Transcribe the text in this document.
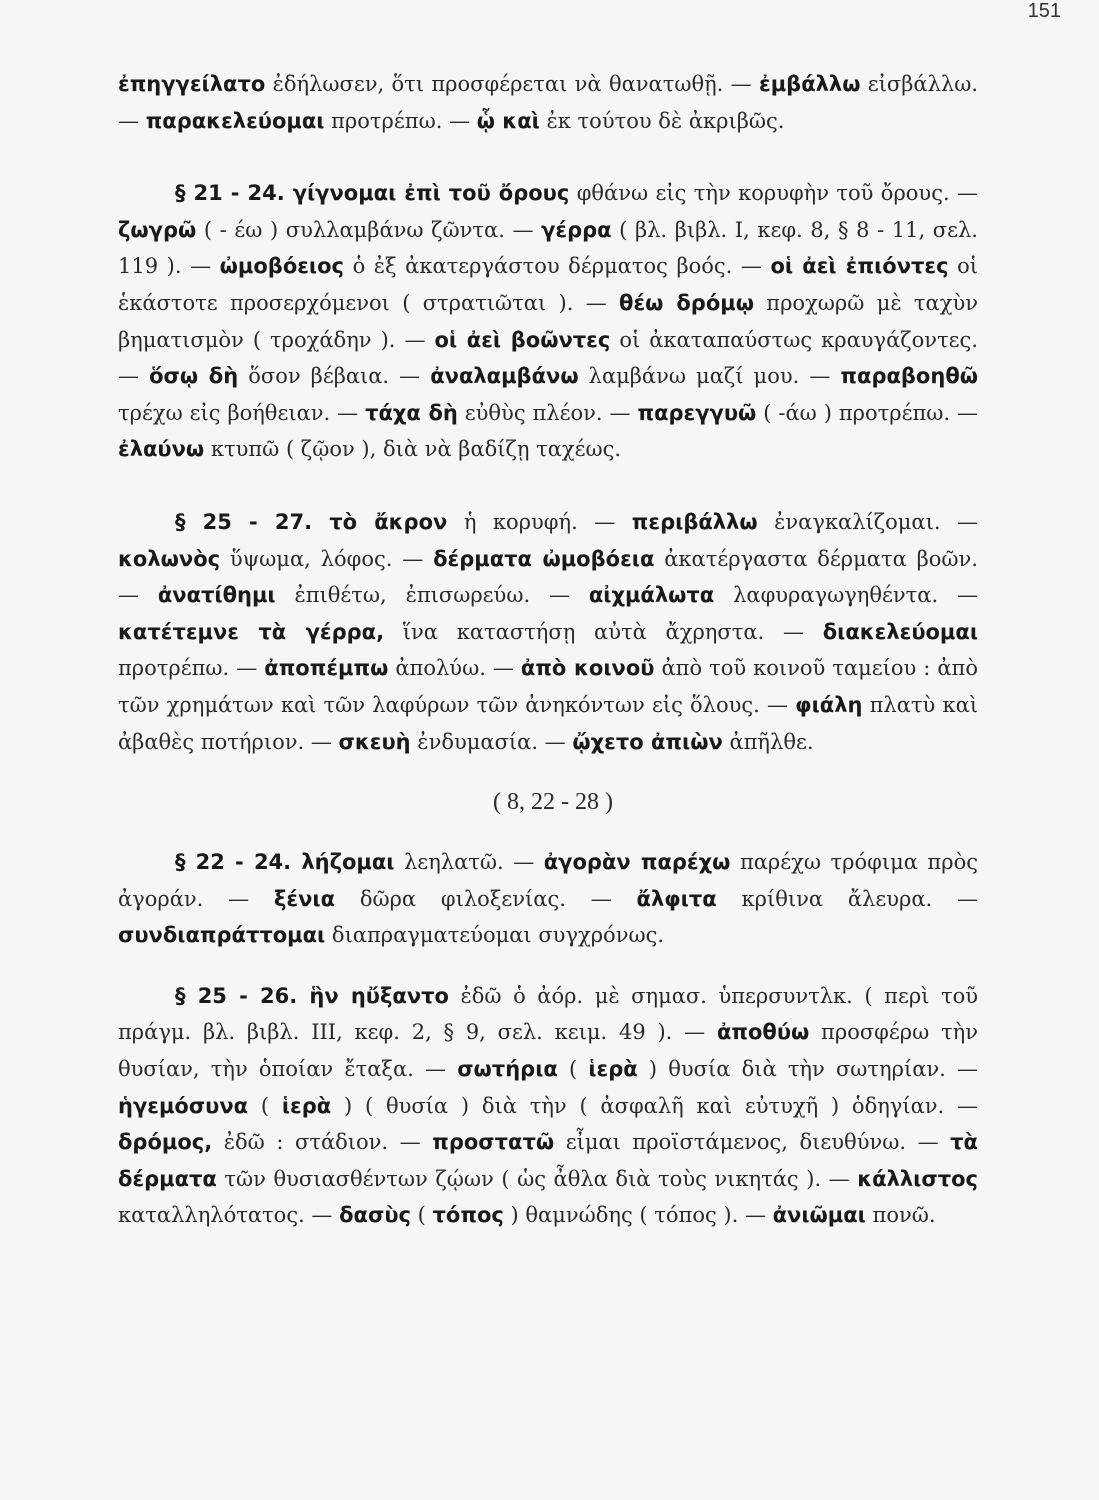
151

ἐπηγγείλατο ἐδήλωσεν, ὅτι προσφέρεται νὰ θανατωθῇ. — ἐμβάλλω εἰσβάλλω. — παρακελεύομαι προτρέπω. — ᾧ καὶ ἐκ τούτου δὲ ἀκριβῶς.

§ 21 - 24. γίγνομαι ἐπὶ τοῦ ὄρους φθάνω εἰς τὴν κορυφὴν τοῦ ὄρους. — ζωγρῶ ( - έω ) συλλαμβάνω ζῶντα. — γέρρα ( βλ. βιβλ. I, κεφ. 8, § 8 - 11, σελ. 119 ). — ὠμοβόειος ὁ ἐξ ἀκατεργάστου δέρματος βοός. — οἱ ἀεὶ ἐπιόντες οἱ ἑκάστοτε προσερχόμενοι ( στρατιῶται ). — θέω δρόμῳ προχωρῶ μὲ ταχὺν βηματισμὸν ( τροχάδην ). — οἱ ἀεὶ βοῶντες οἱ ἀκαταπαύστως κραυγάζοντες. — ὅσῳ δὴ ὅσον βέβαια. — ἀναλαμβάνω λαμβάνω μαζί μου. — παραβοηθῶ τρέχω εἰς βοήθειαν. — τάχα δὴ εὐθὺς πλέον. — παρεγγυῶ ( -άω ) προτρέπω. — ἐλαύνω κτυπῶ ( ζῷον ), διὰ νὰ βαδίζῃ ταχέως.

§ 25 - 27. τὸ ἄκρον ἡ κορυφή. — περιβάλλω ἐναγκαλίζομαι. — κολωνὸς ὕψωμα, λόφος. — δέρματα ὠμοβόεια ἀκατέργαστα δέρματα βοῶν. — ἀνατίθημι ἐπιθέτω, ἐπισωρεύω. — αἰχμάλωτα λαφυραγωγηθέντα. — κατέτεμνε τὰ γέρρα, ἵνα καταστήσῃ αὐτὰ ἄχρηστα. — διακελεύομαι προτρέπω. — ἀποπέμπω ἀπολύω. — ἀπὸ κοινοῦ ἀπὸ τοῦ κοινοῦ ταμείου : ἀπὸ τῶν χρημάτων καὶ τῶν λαφύρων τῶν ἀνηκόντων εἰς ὅλους. — φιάλη πλατὺ καὶ ἀβαθὲς ποτήριον. — σκευὴ ἐνδυμασία. — ᾤχετο ἀπιὼν ἀπῆλθε.

( 8, 22 - 28 )

§ 22 - 24. λήζομαι λεηλατῶ. — ἀγορὰν παρέχω παρέχω τρόφιμα πρὸς ἀγοράν. — ξένια δῶρα φιλοξενίας. — ἄλφιτα κρίθινα ἄλευρα. — συνδιαπράττομαι διαπραγματεύομαι συγχρόνως.

§ 25 - 26. ἣν ηὔξαντο ἐδῶ ὁ ἀόρ. μὲ σημασ. ὑπερσυντλκ. ( περὶ τοῦ πράγμ. βλ. βιβλ. III, κεφ. 2, § 9, σελ. κειμ. 49 ). — ἀποθύω προσφέρω τὴν θυσίαν, τὴν ὁποίαν ἔταξα. — σωτήρια ( ἱερὰ ) θυσία διὰ τὴν σωτηρίαν. — ἡγεμόσυνα ( ἱερὰ ) ( θυσία ) διὰ τὴν ( ἀσφαλῆ καὶ εὐτυχῆ ) ὁδηγίαν. — δρόμος, ἐδῶ : στάδιον. — προστατῶ εἶμαι προϊστάμενος, διευθύνω. — τὰ δέρματα τῶν θυσιασθέντων ζῴων ( ὡς ἆθλα διὰ τοὺς νικητάς ). — κάλλιστος καταλληλότατος. — δασὺς ( τόπος ) θαμνώδης ( τόπος ). — ἀνιῶμαι πονῶ.
